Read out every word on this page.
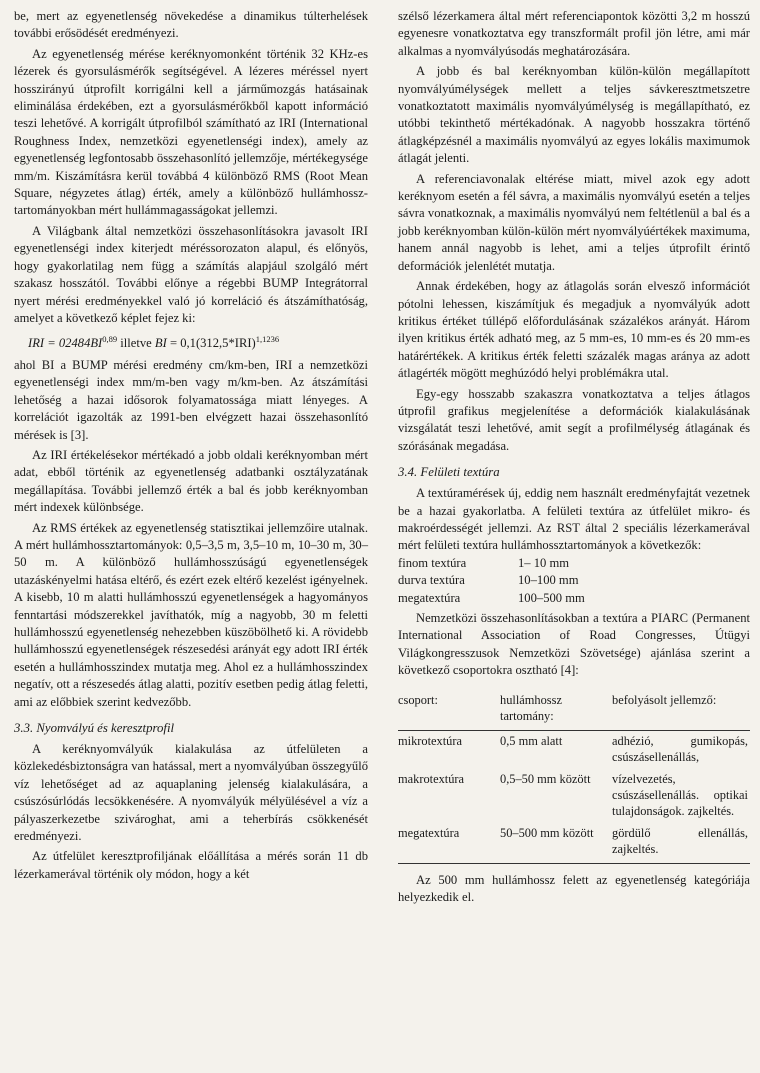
be, mert az egyenetlenség növekedése a dinamikus túlterhelések további erősödését eredményezi.

Az egyenetlenség mérése keréknyomonként történik 32 KHz-es lézerek és gyorsulásmérők segítségével. A lézeres méréssel nyert hosszirányú útprofilt korrigálni kell a járműmozgás hatásainak eliminálása érdekében, ezt a gyorsulásmérőkből kapott információ teszi lehetővé. A korrigált útprofilból számítható az IRI (International Roughness Index, nemzetközi egyenetlenségi index), amely az egyenetlenség legfontosabb összehasonlító jellemzője, mértékegysége mm/m. Kiszámításra kerül továbbá 4 különböző RMS (Root Mean Square, négyzetes átlag) érték, amely a különböző hullámhossz-tartományokban mért hullámmagasságokat jellemzi.

A Világbank által nemzetközi összehasonlításokra javasolt IRI egyenetlenségi index kiterjedt méréssorozaton alapul, és előnyös, hogy gyakorlatilag nem függ a számítás alapjául szolgáló mért szakasz hosszától. További előnye a régebbi BUMP Integrátorral nyert mérési eredményekkel való jó korreláció és átszámíthatóság, amelyet a következő képlet fejez ki:

IRI = 02484BI$^{0,89}$ illetve BI = $0,1(312,5*IRI)^{1,1236}$

ahol BI a BUMP mérési eredmény cm/km-ben, IRI a nemzetközi egyenetlenségi index mm/m-ben vagy m/km-ben. Az átszámítási lehetőség a hazai idősorok folyamatossága miatt lényeges. A korrelációt igazolták az 1991-ben elvégzett hazai összehasonlító mérések is [3].

Az IRI értékelésekor mértékadó a jobb oldali keréknyomban mért adat, ebből történik az egyenetlenség adatbanki osztályzatának megállapítása. További jellemző érték a bal és jobb keréknyomban mért indexek különbsége.

Az RMS értékek az egyenetlenség statisztikai jellemzőire utalnak. A mért hullámhossztartományok: 0,5–3,5 m, 3,5–10 m, 10–30 m, 30–50 m. A különböző hullámhosszúságú egyenetlenségek utazáskényelmi hatása eltérő, és ezért ezek eltérő kezelést igényelnek. A kisebb, 10 m alatti hullámhosszú egyenetlenségek a hagyományos fenntartási módszerekkel javíthatók, míg a nagyobb, 30 m feletti hullámhosszú egyenetlenség nehezebben küszöbölhető ki. A rövidebb hullámhosszú egyenetlenségek részesedési arányát egy adott IRI érték esetén a hullámhosszindex mutatja meg. Ahol ez a hullámhosszindex negatív, ott a részesedés átlag alatti, pozitív esetben pedig átlag feletti, ami az előbbiek szerint kedvezőbb.

3.3. Nyomvályú és keresztprofil

A keréknyomvályúk kialakulása az útfelületen a közlekedésbiztonságra van hatással, mert a nyomvályúban összegyűlő víz lehetőséget ad az aquaplaning jelenség kialakulására, a csúszósúrlódás lecsökkenésére. A nyomvályúk mélyülésével a víz a pályaszerkezetbe szivároghat, ami a teherbírás csökkenését eredményezi.

Az útfelület keresztprofiljának előállítása a mérés során 11 db lézerkamerával történik oly módon, hogy a két

szélső lézerkamera által mért referenciapontok közötti 3,2 m hosszú egyenesre vonatkoztatva egy transzformált profil jön létre, ami már alkalmas a nyomvályúsodás meghatározására.

A jobb és bal keréknyomban külön-külön megállapított nyomvályúmélységek mellett a teljes sávkeresztmetszetre vonatkoztatott maximális nyomvályúmélység is megállapítható, ez utóbbi tekinthető mértékadónak. A nagyobb hosszakra történő átlagképzésnél a maximális nyomvályú az egyes lokális maximumok átlagát jelenti.

A referenciavonalak eltérése miatt, mivel azok egy adott keréknyom esetén a fél sávra, a maximális nyomvályú esetén a teljes sávra vonatkoznak, a maximális nyomvályú nem feltétlenül a bal és a jobb keréknyomban külön-külön mért nyomvályúértékek maximuma, hanem annál nagyobb is lehet, ami a teljes útprofilt érintő deformációk jelenlétét mutatja.

Annak érdekében, hogy az átlagolás során elvesző információt pótolni lehessen, kiszámítjuk és megadjuk a nyomvályúk adott kritikus értéket túllépő előfordulásának százalékos arányát. Három ilyen kritikus érték adható meg, az 5 mm-es, 10 mm-es és 20 mm-es határértékek. A kritikus érték feletti százalék magas aránya az adott átlagérték mögött meghúzódó helyi problémákra utal.

Egy-egy hosszabb szakaszra vonatkoztatva a teljes átlagos útprofil grafikus megjelenítése a deformációk kialakulásának vizsgálatát teszi lehetővé, amit segít a profilmélység átlagának és szórásának megadása.

3.4. Felületi textúra

A textúramérések új, eddig nem használt eredményfajtát vezetnek be a hazai gyakorlatba. A felületi textúra az útfelület mikro- és makroérdességét jellemzi. Az RST által 2 speciális lézerkamerával mért felületi textúra hullámhossztartományok a következők:

finom textúra	1– 10 mm
durva textúra	10–100 mm
megatextúra	100–500 mm

Nemzetközi összehasonlításokban a textúra a PIARC (Permanent International Association of Road Congresses, Útügyi Világkongresszusok Nemzetközi Szövetsége) ajánlása szerint a következő csoportokra osztható [4]:

csoport:	hullámhossz tartomány:	befolyásolt jellemző:
mikrotextúra	0,5 mm alatt	adhézió, gumikopás, csúszásellenállás,
makrotextúra	0,5–50 mm között	vízelvezetés, csúszásellenállás. optikai tulajdonságok. zajkeltés.
megatextúra	50–500 mm között	gördülő ellenállás, zajkeltés.

Az 500 mm hullámhossz felett az egyenetlenség kategóriája helyezkedik el.
